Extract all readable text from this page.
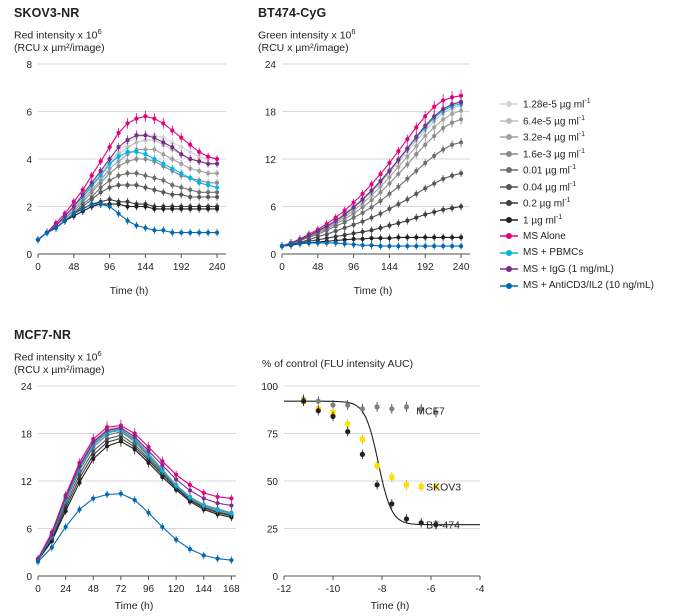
SKOV3-NR
Red intensity x $10^6$
(RCU x µm²/image)
0
2
4
6
8
0	48 96 144 192 240
Time (h)
BT474-CyG
Green intensity x $10^6$
(RCU x µm²/image)
0
6
12
18
24
0	48 96 144 192 240
Time (h)
1.28e-5 µg $ml^{-1}$
6.4e-5 µg $ml^{-1}$
3.2e-4 µg $ml^{-1}$
1.6e-3 µg $ml^{-1}$
0.01 µg $ml^{-1}$
0.04 µg $ml^{-1}$
0.2 µg $ml^{-1}$
1 µg $ml^{-1}$
MS Alone
MS + PBMCs
MS + IgG (1 mg/mL)
MS + AntiCD3/IL2 (10 ng/mL)
MCF7-NR
Red intensity x $10^6$
(RCU x µm²/image)
0
6
12
18
24
0 24 48 72 96 120 144 168
Time (h)
% of control (FLU intensity AUC)
0
25
50
75
100
-12	-10	-8	-6	-4
MCF7
SKOV3
BT-474
Time (h)
